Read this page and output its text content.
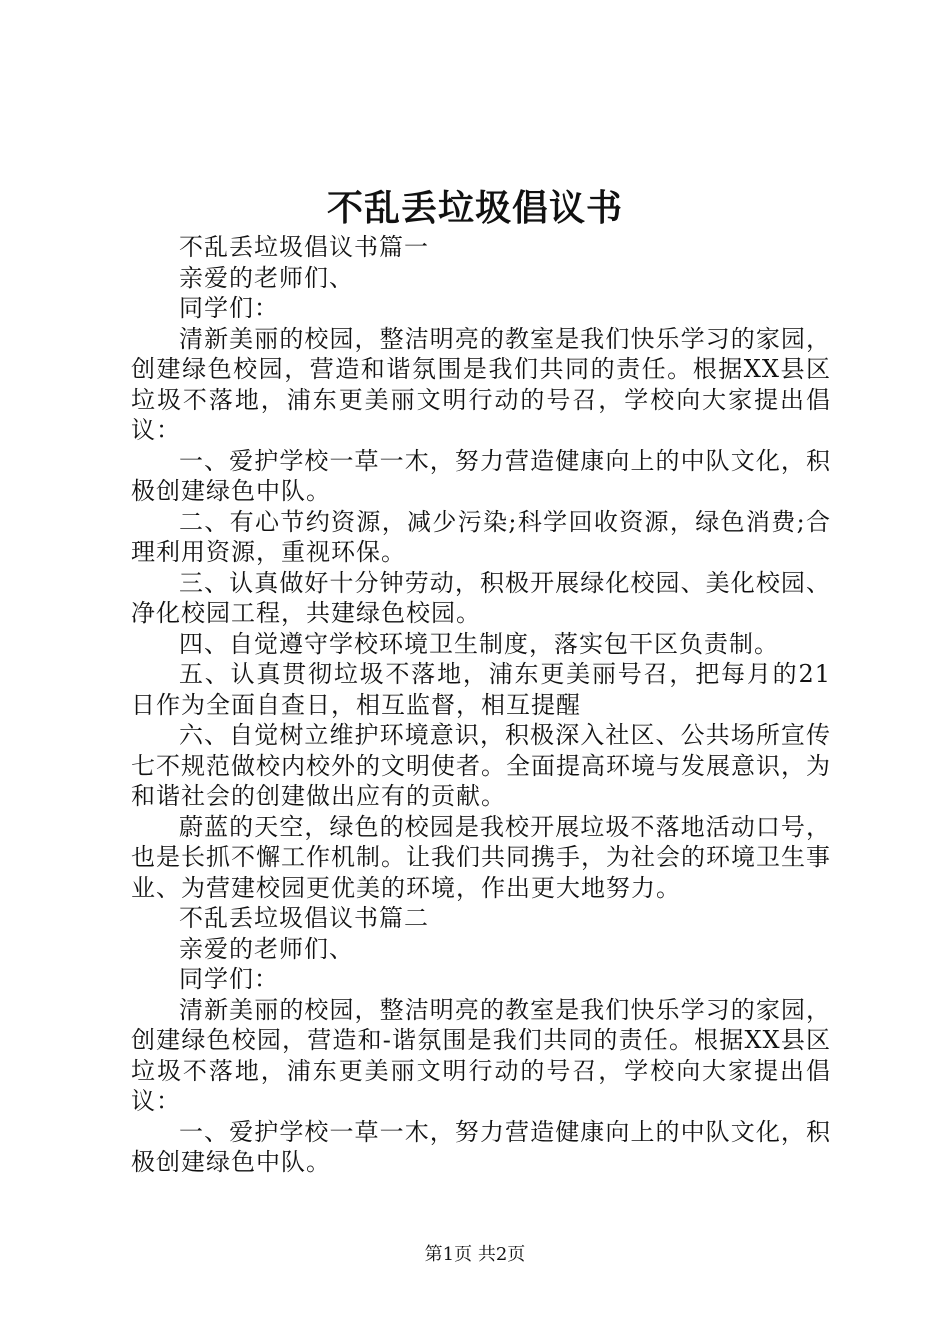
不乱丢垃圾倡议书

不乱丢垃圾倡议书篇一

亲爱的老师们、

同学们：

清新美丽的校园，整洁明亮的教室是我们快乐学习的家园，创建绿色校园，营造和谐氛围是我们共同的责任。根据XX县区垃圾不落地，浦东更美丽文明行动的号召，学校向大家提出倡议：

一、爱护学校一草一木，努力营造健康向上的中队文化，积极创建绿色中队。

二、有心节约资源，减少污染;科学回收资源，绿色消费;合理利用资源，重视环保。

三、认真做好十分钟劳动，积极开展绿化校园、美化校园、净化校园工程，共建绿色校园。

四、自觉遵守学校环境卫生制度，落实包干区负责制。

五、认真贯彻垃圾不落地，浦东更美丽号召，把每月的21日作为全面自查日，相互监督，相互提醒

六、自觉树立维护环境意识，积极深入社区、公共场所宣传七不规范做校内校外的文明使者。全面提高环境与发展意识，为和谐社会的创建做出应有的贡献。

蔚蓝的天空，绿色的校园是我校开展垃圾不落地活动口号，也是长抓不懈工作机制。让我们共同携手，为社会的环境卫生事业、为营建校园更优美的环境，作出更大地努力。

不乱丢垃圾倡议书篇二

亲爱的老师们、

同学们：

清新美丽的校园，整洁明亮的教室是我们快乐学习的家园，创建绿色校园，营造和-谐氛围是我们共同的责任。根据XX县区垃圾不落地，浦东更美丽文明行动的号召，学校向大家提出倡议：

一、爱护学校一草一木，努力营造健康向上的中队文化，积极创建绿色中队。

第1页 共2页
